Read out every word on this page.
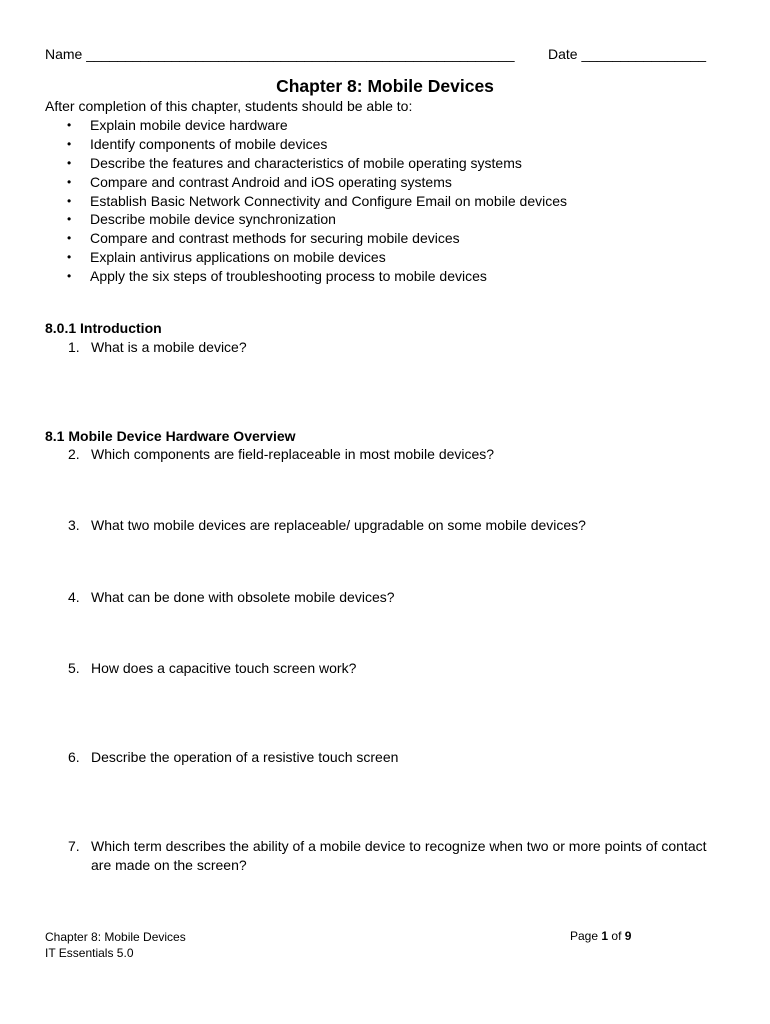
Name _______________________________________________________ Date ________________
Chapter 8: Mobile Devices
After completion of this chapter, students should be able to:
• Explain mobile device hardware
• Identify components of mobile devices
• Describe the features and characteristics of mobile operating systems
• Compare and contrast Android and iOS operating systems
• Establish Basic Network Connectivity and Configure Email on mobile devices
• Describe mobile device synchronization
• Compare and contrast methods for securing mobile devices
• Explain antivirus applications on mobile devices
• Apply the six steps of troubleshooting process to mobile devices
8.0.1 Introduction
1. What is a mobile device?
8.1 Mobile Device Hardware Overview
2. Which components are field-replaceable in most mobile devices?
3. What two mobile devices are replaceable/ upgradable on some mobile devices?
4. What can be done with obsolete mobile devices?
5. How does a capacitive touch screen work?
6. Describe the operation of a resistive touch screen
7. Which term describes the ability of a mobile device to recognize when two or more points of contact are made on the screen?
Chapter 8: Mobile Devices
IT Essentials 5.0
Page 1 of 9
